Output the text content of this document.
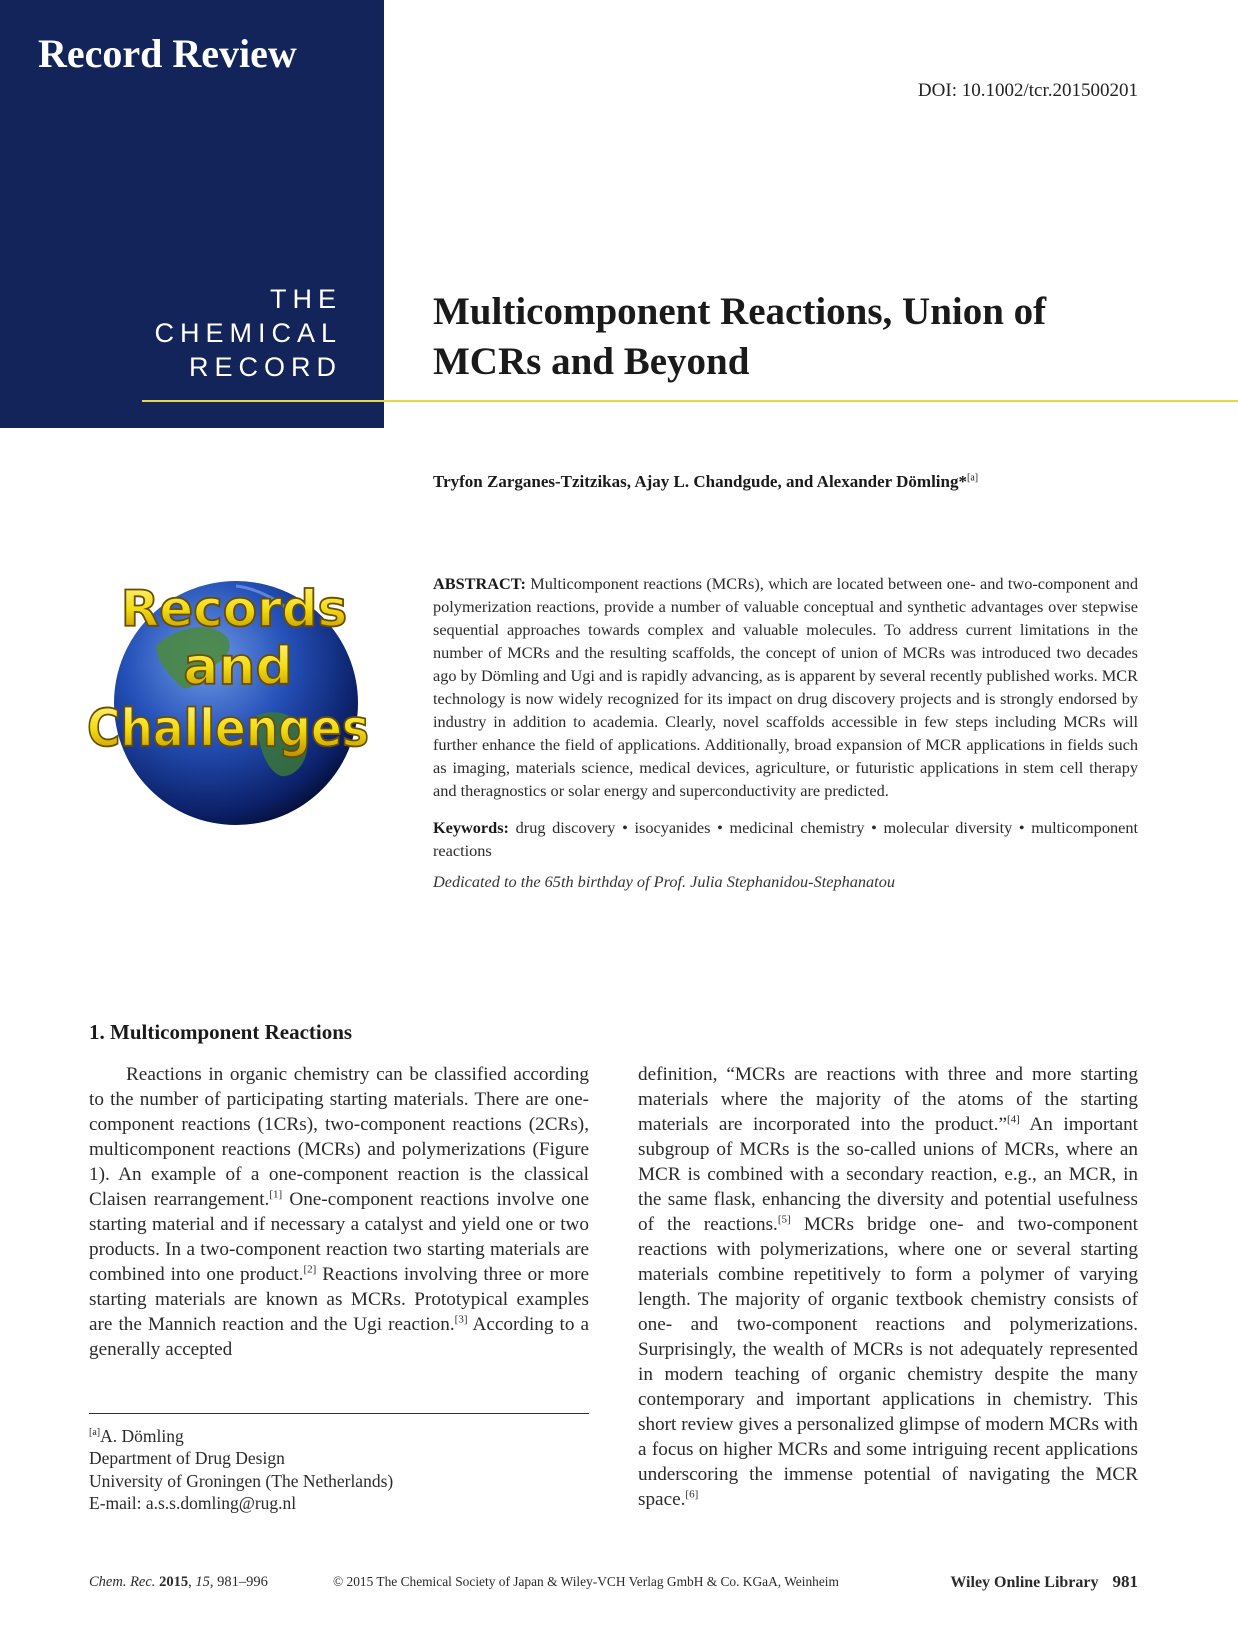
Record Review
THE
CHEMICAL
RECORD
DOI: 10.1002/tcr.201500201
Multicomponent Reactions, Union of
MCRs and Beyond
Tryfon Zarganes-Tzitzikas, Ajay L. Chandgude, and Alexander Dömling*[a]
Records
and
Challenges
ABSTRACT: Multicomponent reactions (MCRs), which are located between one- and two-component and polymerization reactions, provide a number of valuable conceptual and synthetic advantages over stepwise sequential approaches towards complex and valuable molecules. To address current limitations in the number of MCRs and the resulting scaffolds, the concept of union of MCRs was introduced two decades ago by Dömling and Ugi and is rapidly advancing, as is apparent by several recently published works. MCR technology is now widely recognized for its impact on drug discovery projects and is strongly endorsed by industry in addition to academia. Clearly, novel scaffolds accessible in few steps including MCRs will further enhance the field of applications. Additionally, broad expansion of MCR applications in fields such as imaging, materials science, medical devices, agriculture, or futuristic applications in stem cell therapy and theragnostics or solar energy and superconductivity are predicted.
Keywords: drug discovery • isocyanides • medicinal chemistry • molecular diversity • multicomponent reactions
Dedicated to the 65th birthday of Prof. Julia Stephanidou-Stephanatou
1. Multicomponent Reactions

Reactions in organic chemistry can be classified according to the number of participating starting materials. There are one-component reactions (1CRs), two-component reactions (2CRs), multicomponent reactions (MCRs) and polymerizations (Figure 1). An example of a one-component reaction is the classical Claisen rearrangement.[1] One-component reactions involve one starting material and if necessary a catalyst and yield one or two products. In a two-component reaction two starting materials are combined into one product.[2] Reactions involving three or more starting materials are known as MCRs. Prototypical examples are the Mannich reaction and the Ugi reaction.[3] According to a generally accepted

definition, “MCRs are reactions with three and more starting materials where the majority of the atoms of the starting materials are incorporated into the product.”[4] An important subgroup of MCRs is the so-called unions of MCRs, where an MCR is combined with a secondary reaction, e.g., an MCR, in the same flask, enhancing the diversity and potential usefulness of the reactions.[5] MCRs bridge one- and two-component reactions with polymerizations, where one or several starting materials combine repetitively to form a polymer of varying length. The majority of organic textbook chemistry consists of one- and two-component reactions and polymerizations. Surprisingly, the wealth of MCRs is not adequately represented in modern teaching of organic chemistry despite the many contemporary and important applications in chemistry. This short review gives a personalized glimpse of modern MCRs with a focus on higher MCRs and some intriguing recent applications underscoring the immense potential of navigating the MCR space.[6]

[a]A. Dömling
Department of Drug Design
University of Groningen (The Netherlands)
E-mail: a.s.s.domling@rug.nl
Chem. Rec. 2015, 15, 981–996	© 2015 The Chemical Society of Japan & Wiley-VCH Verlag GmbH & Co. KGaA, Weinheim	Wiley Online Library 981
